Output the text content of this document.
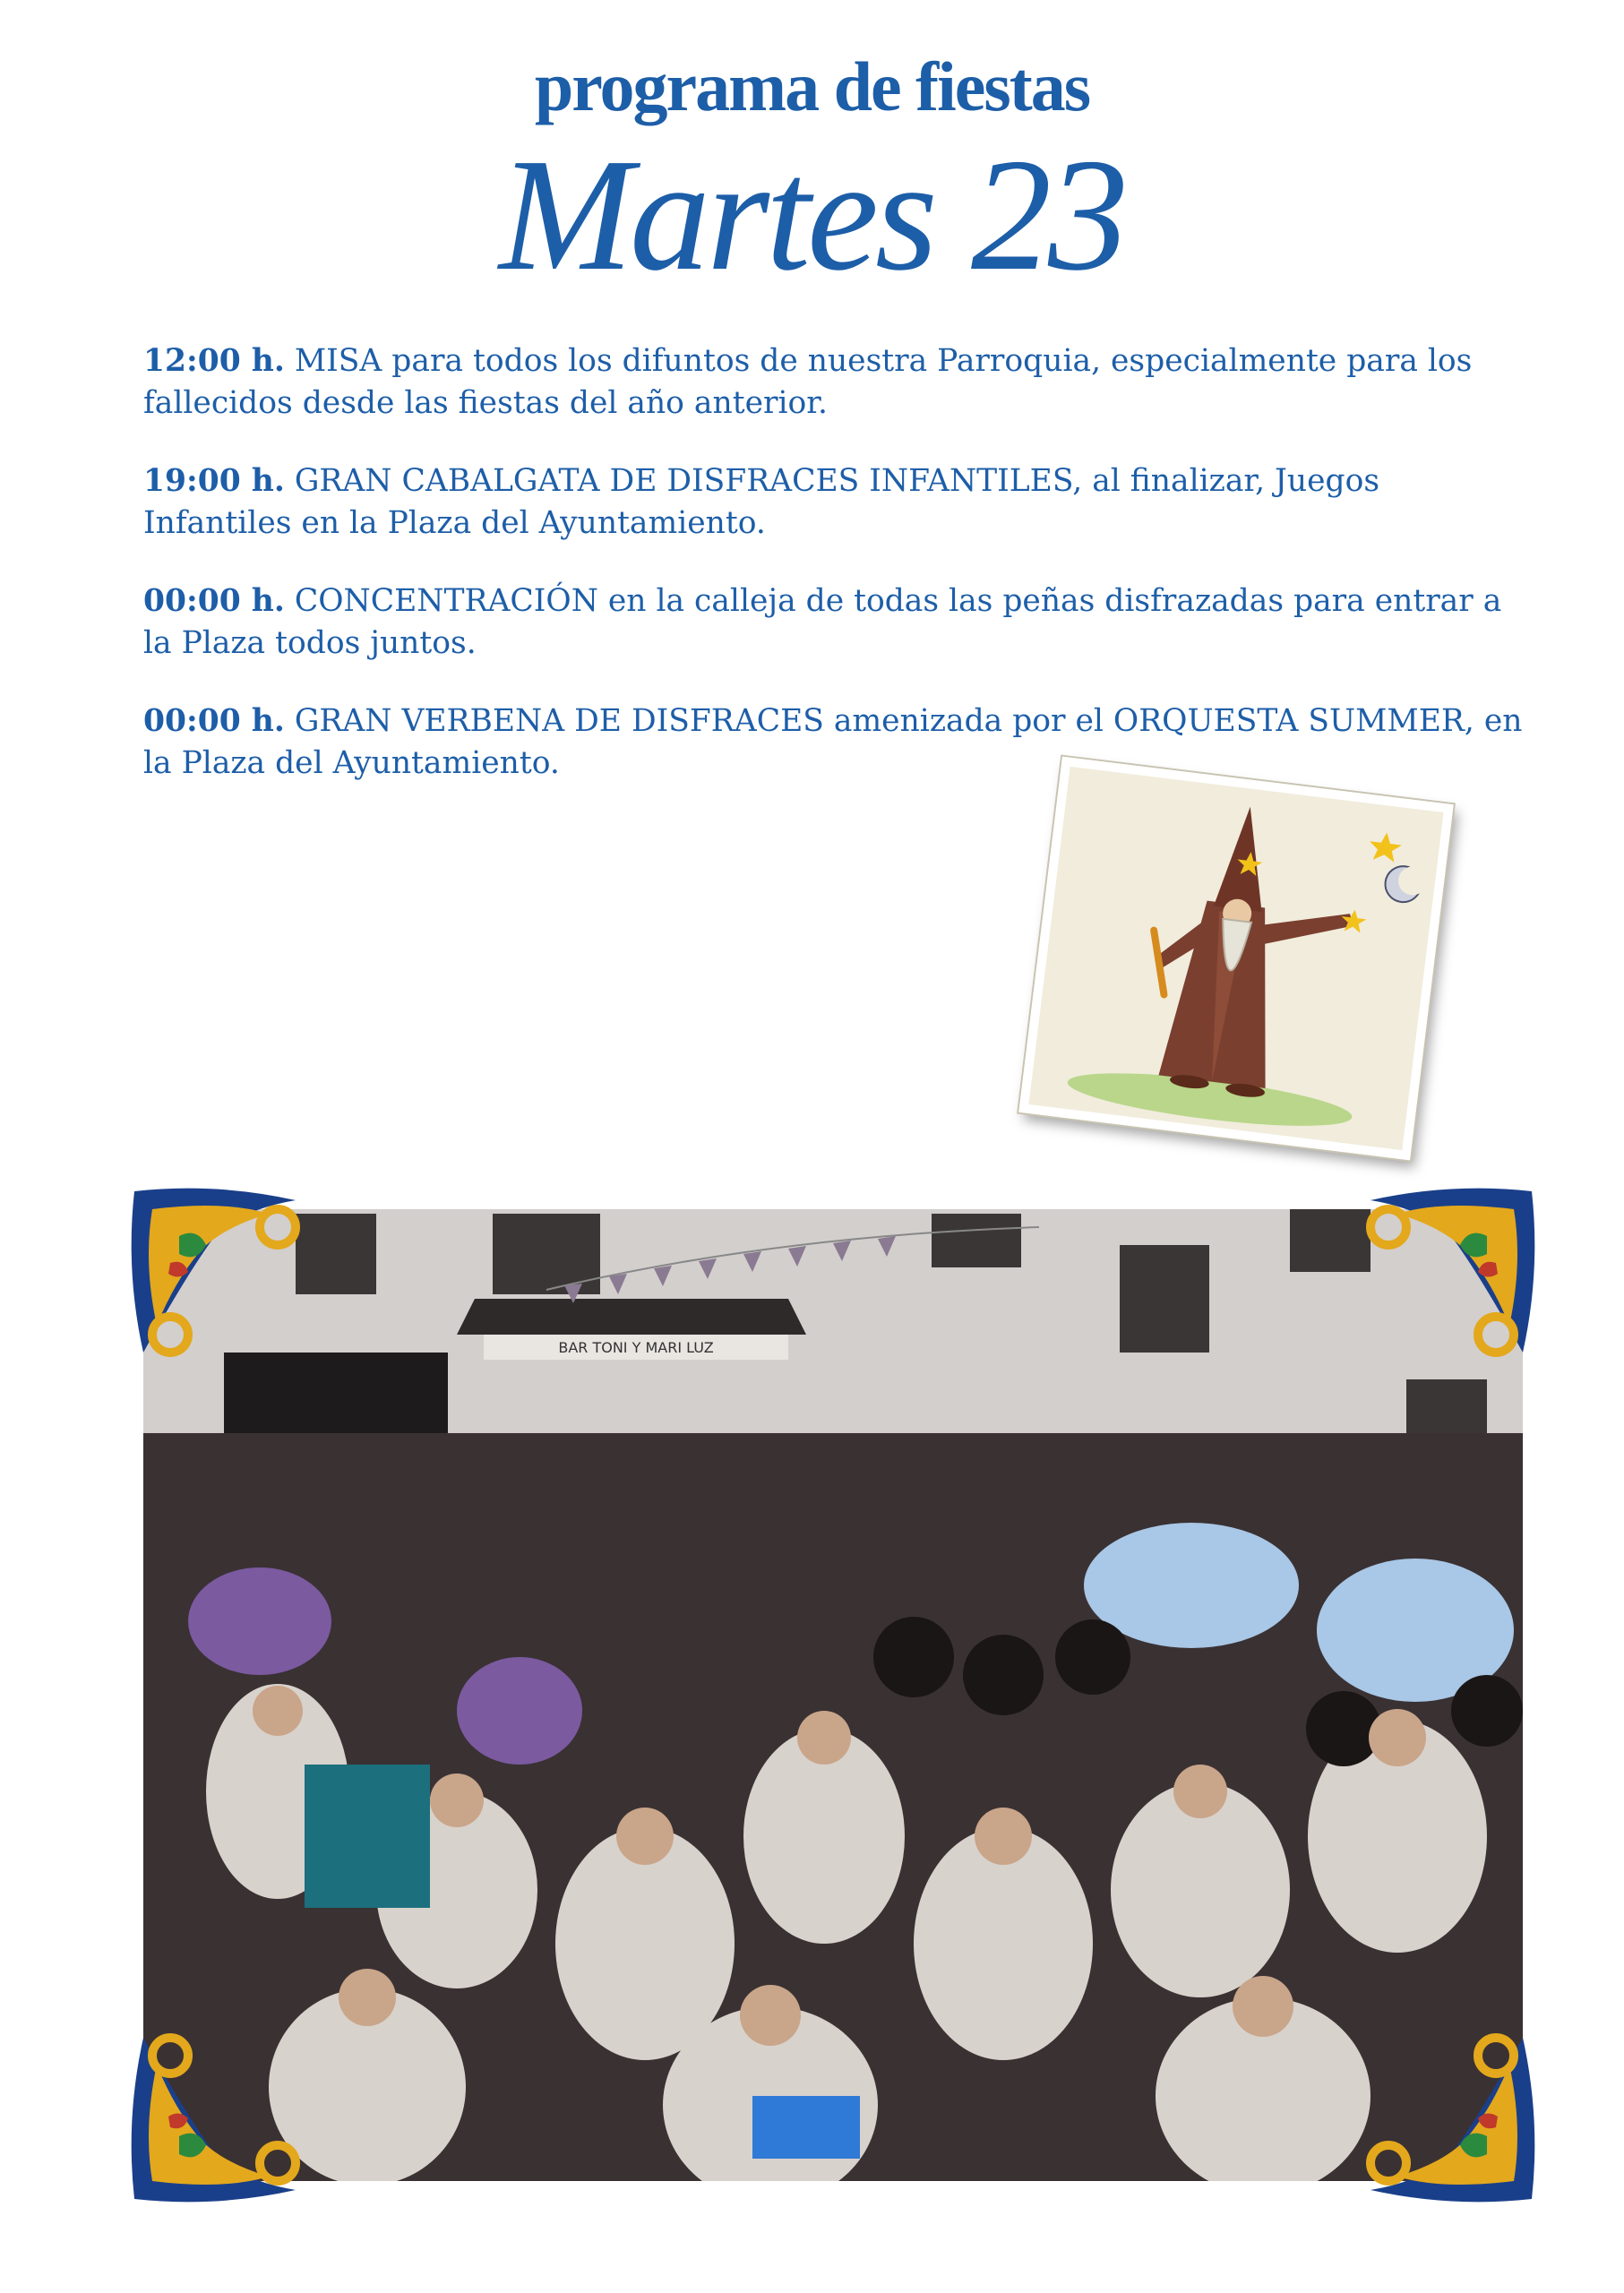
programa de fiestas
Martes 23

12:00 h. MISA para todos los difuntos de nuestra Parroquia, especialmente para los fallecidos desde las fiestas del año anterior.

19:00 h. GRAN CABALGATA DE DISFRACES INFANTILES, al finalizar, Juegos Infantiles en la Plaza del Ayuntamiento.

00:00 h. CONCENTRACIÓN en la calleja de todas las peñas disfrazadas para entrar a la Plaza todos juntos.

00:00 h. GRAN VERBENA DE DISFRACES amenizada por el ORQUESTA SUMMER, en la Plaza del Ayuntamiento.

BAR TONI Y MARI LUZ
